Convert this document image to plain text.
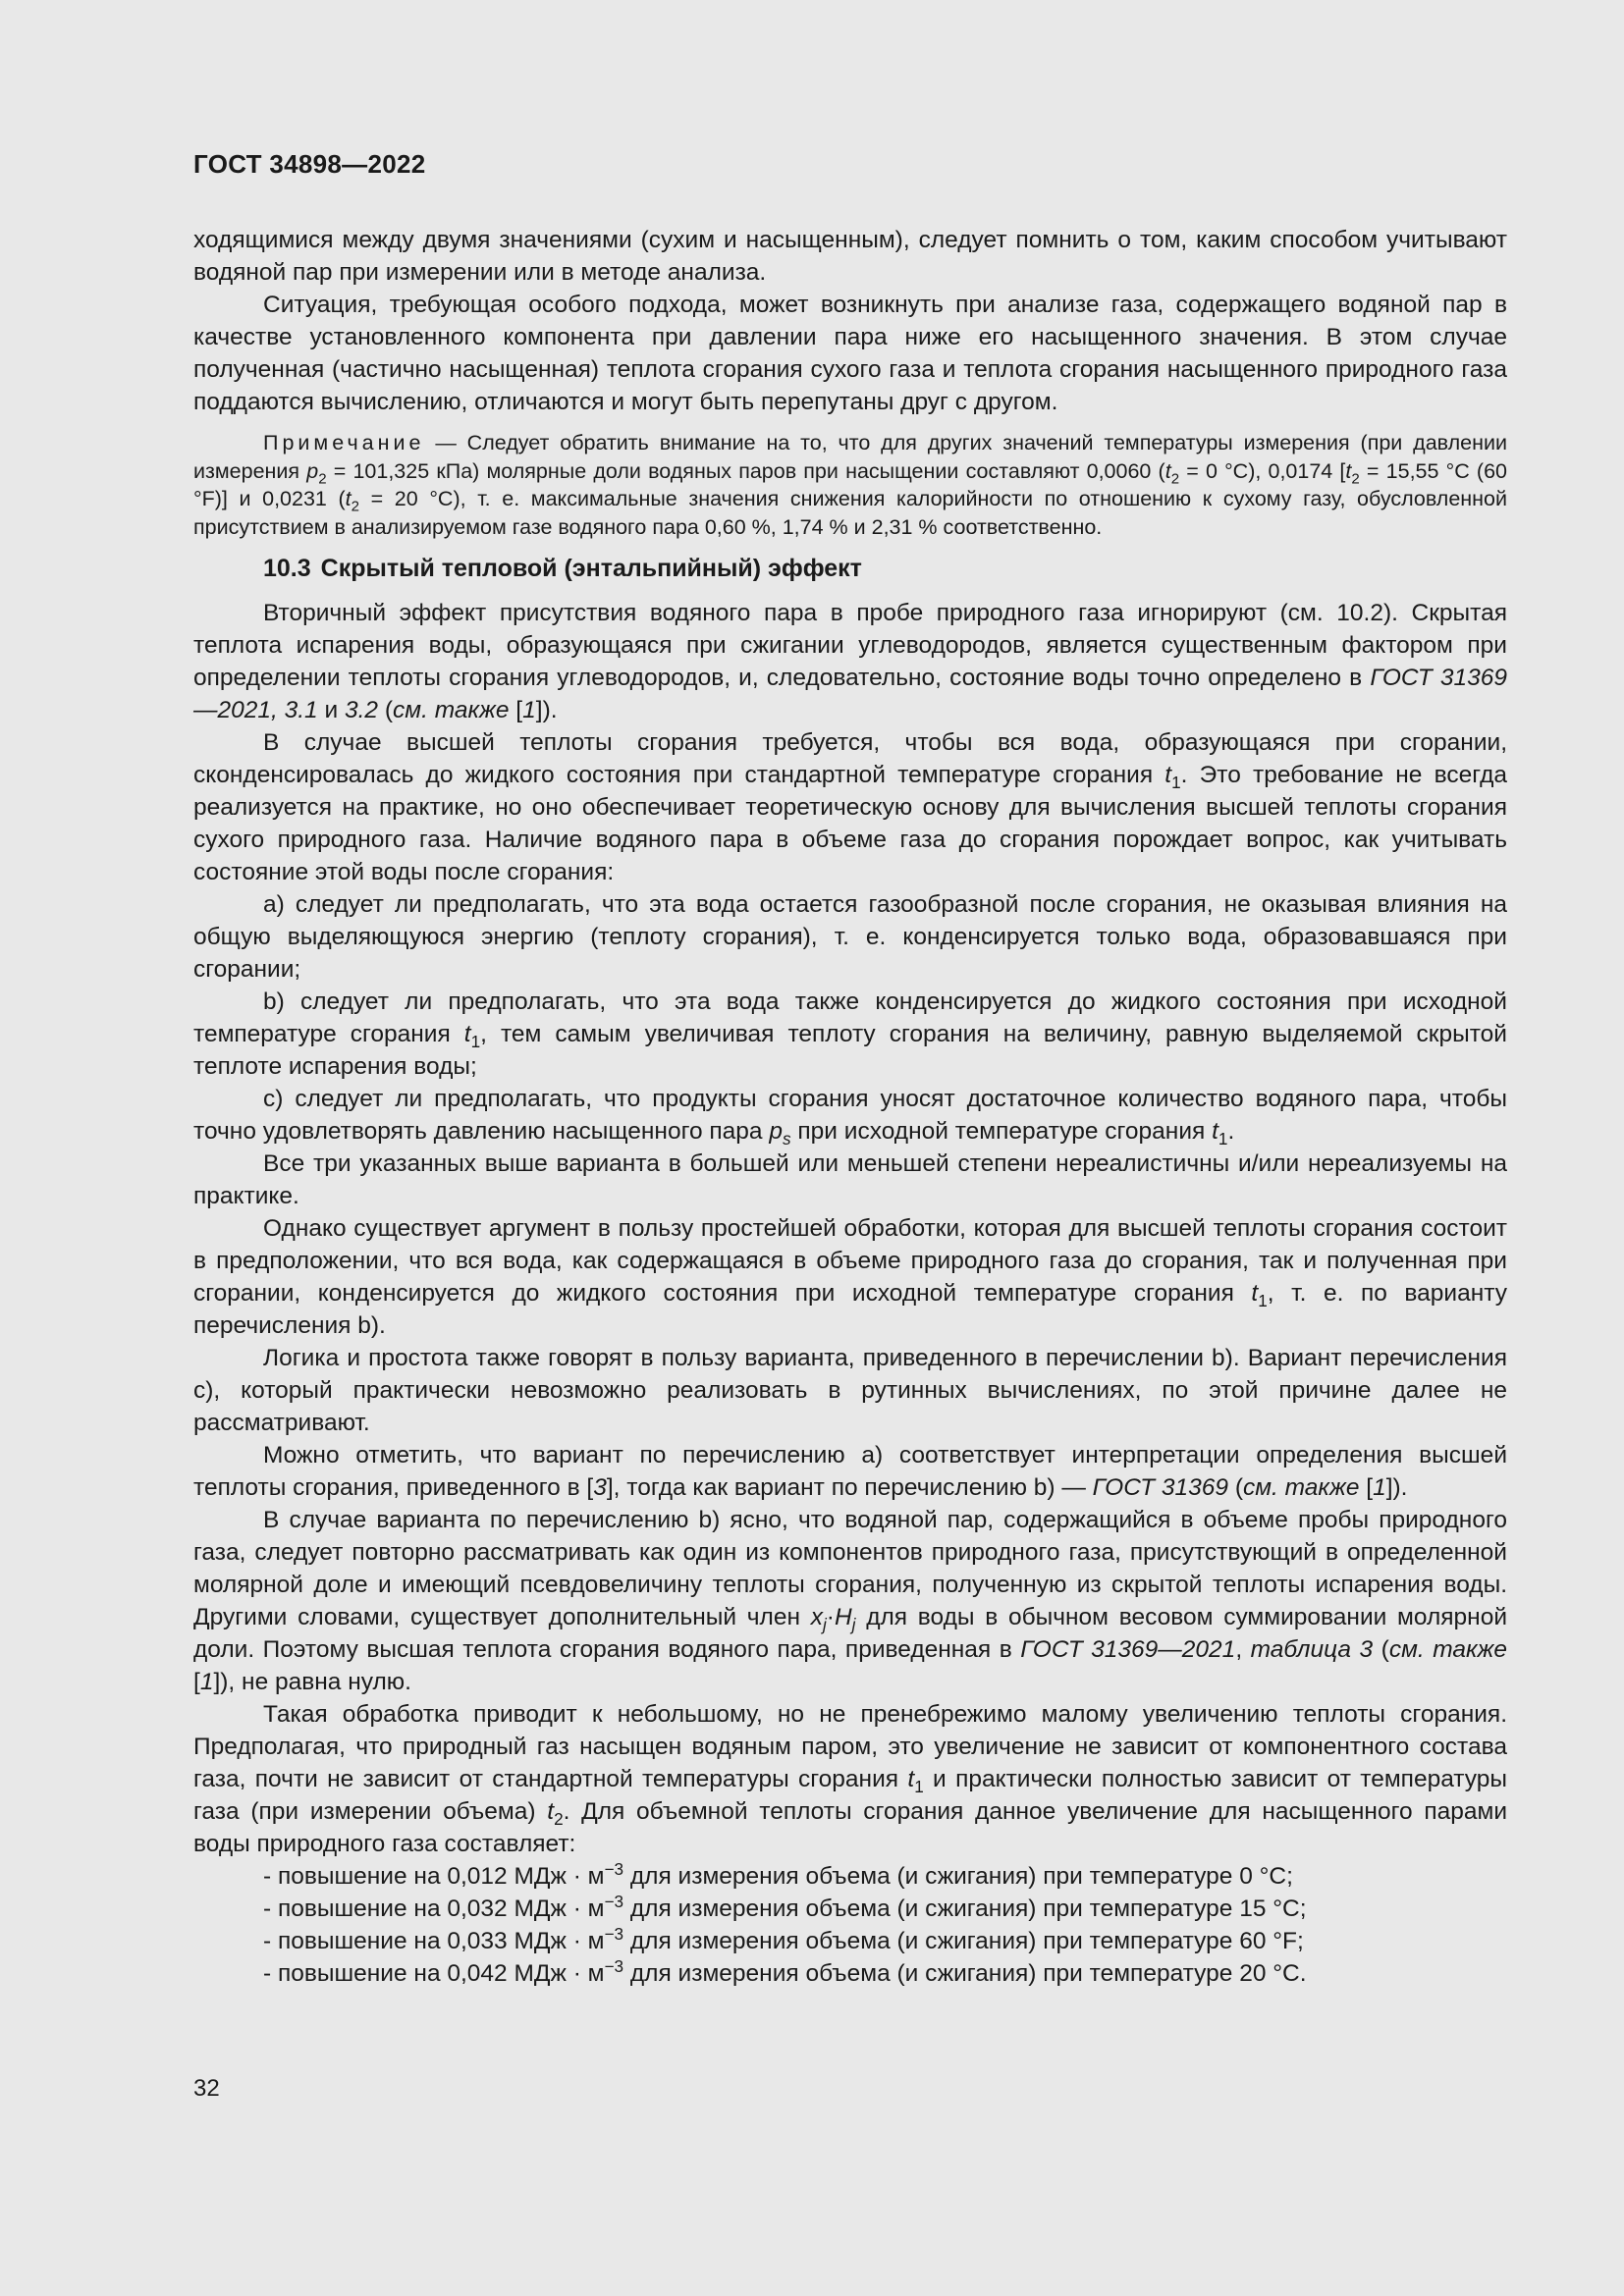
ГОСТ 34898—2022

ходящимися между двумя значениями (сухим и насыщенным), следует помнить о том, каким способом учитывают водяной пар при измерении или в методе анализа.

Ситуация, требующая особого подхода, может возникнуть при анализе газа, содержащего водяной пар в качестве установленного компонента при давлении пара ниже его насыщенного значения. В этом случае полученная (частично насыщенная) теплота сгорания сухого газа и теплота сгорания насыщенного природного газа поддаются вычислению, отличаются и могут быть перепутаны друг с другом.

Примечание — Следует обратить внимание на то, что для других значений температуры измерения (при давлении измерения $p_2 = 101,325$ кПа) молярные доли водяных паров при насыщении составляют 0,0060 ($t_2 = 0$ °C), 0,0174 [$t_2 = 15,55$ °C (60 °F)] и 0,0231 ($t_2 = 20$ °C), т. е. максимальные значения снижения калорийности по отношению к сухому газу, обусловленной присутствием в анализируемом газе водяного пара 0,60 %, 1,74 % и 2,31 % соответственно.

10.3 Скрытый тепловой (энтальпийный) эффект

Вторичный эффект присутствия водяного пара в пробе природного газа игнорируют (см. 10.2). Скрытая теплота испарения воды, образующаяся при сжигании углеводородов, является существенным фактором при определении теплоты сгорания углеводородов, и, следовательно, состояние воды точно определено в ГОСТ 31369—2021, 3.1 и 3.2 (см. также [1]).

В случае высшей теплоты сгорания требуется, чтобы вся вода, образующаяся при сгорании, сконденсировалась до жидкого состояния при стандартной температуре сгорания $t_1$. Это требование не всегда реализуется на практике, но оно обеспечивает теоретическую основу для вычисления высшей теплоты сгорания сухого природного газа. Наличие водяного пара в объеме газа до сгорания порождает вопрос, как учитывать состояние этой воды после сгорания:

a) следует ли предполагать, что эта вода остается газообразной после сгорания, не оказывая влияния на общую выделяющуюся энергию (теплоту сгорания), т. е. конденсируется только вода, образовавшаяся при сгорании;

b) следует ли предполагать, что эта вода также конденсируется до жидкого состояния при исходной температуре сгорания $t_1$, тем самым увеличивая теплоту сгорания на величину, равную выделяемой скрытой теплоте испарения воды;

c) следует ли предполагать, что продукты сгорания уносят достаточное количество водяного пара, чтобы точно удовлетворять давлению насыщенного пара $p_s$ при исходной температуре сгорания $t_1$.

Все три указанных выше варианта в большей или меньшей степени нереалистичны и/или нереализуемы на практике.

Однако существует аргумент в пользу простейшей обработки, которая для высшей теплоты сгорания состоит в предположении, что вся вода, как содержащаяся в объеме природного газа до сгорания, так и полученная при сгорании, конденсируется до жидкого состояния при исходной температуре сгорания $t_1$, т. е. по варианту перечисления b).

Логика и простота также говорят в пользу варианта, приведенного в перечислении b). Вариант перечисления c), который практически невозможно реализовать в рутинных вычислениях, по этой причине далее не рассматривают.

Можно отметить, что вариант по перечислению a) соответствует интерпретации определения высшей теплоты сгорания, приведенного в [3], тогда как вариант по перечислению b) — ГОСТ 31369 (см. также [1]).

В случае варианта по перечислению b) ясно, что водяной пар, содержащийся в объеме пробы природного газа, следует повторно рассматривать как один из компонентов природного газа, присутствующий в определенной молярной доле и имеющий псевдовеличину теплоты сгорания, полученную из скрытой теплоты испарения воды. Другими словами, существует дополнительный член $x_j\cdot H_j$ для воды в обычном весовом суммировании молярной доли. Поэтому высшая теплота сгорания водяного пара, приведенная в ГОСТ 31369—2021, таблица 3 (см. также [1]), не равна нулю.

Такая обработка приводит к небольшому, но не пренебрежимо малому увеличению теплоты сгорания. Предполагая, что природный газ насыщен водяным паром, это увеличение не зависит от компонентного состава газа, почти не зависит от стандартной температуры сгорания $t_1$ и практически полностью зависит от температуры газа (при измерении объема) $t_2$. Для объемной теплоты сгорания данное увеличение для насыщенного парами воды природного газа составляет:

- повышение на 0,012 МДж · $м^{-3}$ для измерения объема (и сжигания) при температуре 0 °C;
- повышение на 0,032 МДж · $м^{-3}$ для измерения объема (и сжигания) при температуре 15 °C;
- повышение на 0,033 МДж · $м^{-3}$ для измерения объема (и сжигания) при температуре 60 °F;
- повышение на 0,042 МДж · $м^{-3}$ для измерения объема (и сжигания) при температуре 20 °C.
32
